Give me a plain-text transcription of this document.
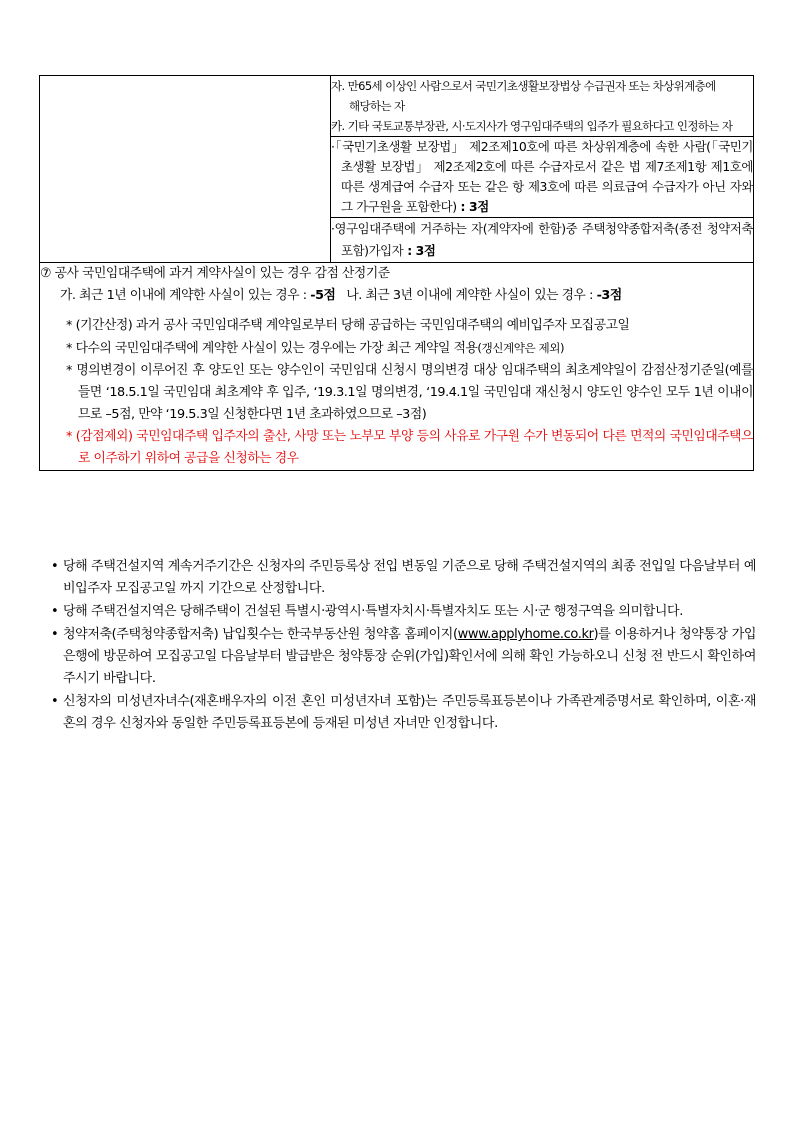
자. 만65세 이상인 사람으로서 국민기초생활보장법상 수급권자 또는 차상위계층에
해당하는 자
카. 기타 국토교통부장관, 시·도지사가 영구임대주택의 입주가 필요하다고 인정하는 자

·「국민기초생활 보장법」 제2조제10호에 따른 차상위계층에 속한 사람(「국민기초생활 보장법」 제2조제2호에 따른 수급자로서 같은 법 제7조제1항 제1호에 따른 생계급여 수급자 또는 같은 항 제3호에 따른 의료급여 수급자가 아닌 자와 그 가구원을 포함한다) : 3점

·영구임대주택에 거주하는 자(계약자에 한함)중 주택청약종합저축(종전 청약저축 포함)가입자 : 3점

⑦ 공사 국민임대주택에 과거 계약사실이 있는 경우 감점 산정기준
가. 최근 1년 이내에 계약한 사실이 있는 경우 : -5점   나. 최근 3년 이내에 계약한 사실이 있는 경우 : -3점
* (기간산정) 과거 공사 국민임대주택 계약일로부터 당해 공급하는 국민임대주택의 예비입주자 모집공고일
* 다수의 국민임대주택에 계약한 사실이 있는 경우에는 가장 최근 계약일 적용(갱신계약은 제외)
* 명의변경이 이루어진 후 양도인 또는 양수인이 국민임대 신청시 명의변경 대상 임대주택의 최초계약일이 감점산정기준일(예를 들면 ‘18.5.1일 국민임대 최초계약 후 입주, ‘19.3.1일 명의변경, ‘19.4.1일 국민임대 재신청시 양도인 양수인 모두 1년 이내이므로 –5점, 만약 ‘19.5.3일 신청한다면 1년 초과하였으므로 –3점)
* (감점제외) 국민임대주택 입주자의 출산, 사망 또는 노부모 부양 등의 사유로 가구원 수가 변동되어 다른 면적의 국민임대주택으로 이주하기 위하여 공급을 신청하는 경우
• 당해 주택건설지역 계속거주기간은 신청자의 주민등록상 전입 변동일 기준으로 당해 주택건설지역의 최종 전입일 다음날부터 예비입주자 모집공고일 까지 기간으로 산정합니다.
• 당해 주택건설지역은 당해주택이 건설된 특별시·광역시·특별자치시·특별자치도 또는 시·군 행정구역을 의미합니다.
• 청약저축(주택청약종합저축) 납입횟수는 한국부동산원 청약홈 홈페이지(www.applyhome.co.kr)를 이용하거나 청약통장 가입은행에 방문하여 모집공고일 다음날부터 발급받은 청약통장 순위(가입)확인서에 의해 확인 가능하오니 신청 전 반드시 확인하여 주시기 바랍니다.
• 신청자의 미성년자녀수(재혼배우자의 이전 혼인 미성년자녀 포함)는 주민등록표등본이나 가족관계증명서로 확인하며, 이혼·재혼의 경우 신청자와 동일한 주민등록표등본에 등재된 미성년 자녀만 인정합니다.
